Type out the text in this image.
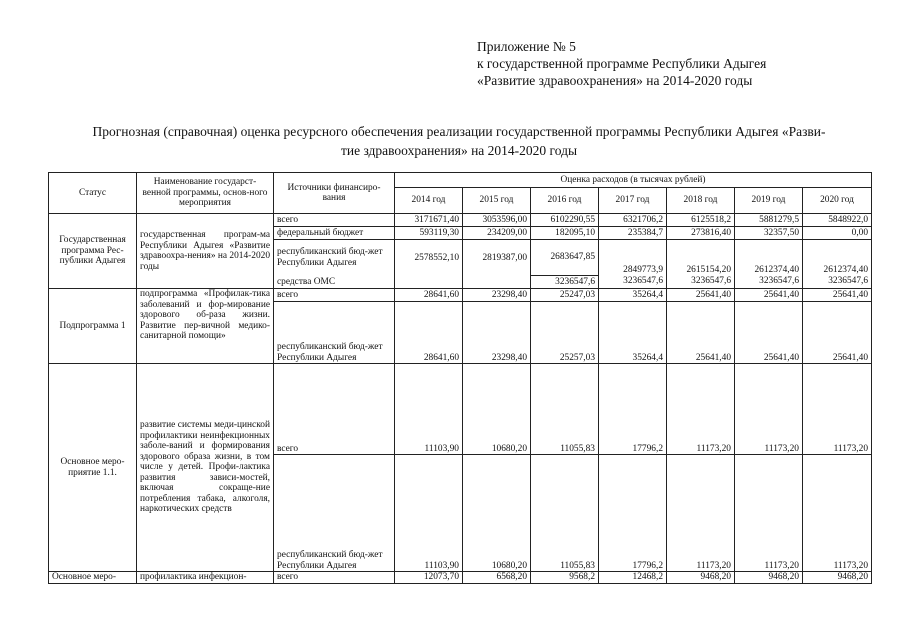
Приложение № 5
к государственной программе Республики Адыгея
«Развитие здравоохранения» на 2014-2020 годы
Прогнозная (справочная) оценка ресурсного обеспечения реализации государственной программы Республики Адыгея «Разви-
тие здравоохранения» на 2014-2020 годы
Статус	Наименование государст-венной программы, основ-ного мероприятия	Источники финансиро-вания	Оценка расходов (в тысячах рублей)						
			2014 год	2015 год	2016 год	2017 год	2018 год	2019 год	2020 год
Государственная программа Рес-публики Адыгея	государственная програм-ма Республики Адыгея «Развитие здравоохра-нения» на 2014-2020 годы	всего	3171671,40	3053596,00	6102290,55	6321706,2	6125518,2	5881279,5	5848922,0
		федеральный бюджет	593119,30	234209,00	182095,10	235384,7	273816,40	32357,50	0,00
		республиканский бюд-жет Республики Адыгея	2578552,10	2819387,00	2683647,85	2849773,9	2615154,20	2612374,40	2612374,40
		средства ОМС			3236547,6	3236547,6	3236547,6	3236547,6	3236547,6
Подпрограмма 1	подпрограмма «Профилак-тика заболеваний и фор-мирование здорового об-раза жизни. Развитие пер-вичной медико-санитарной помощи»	всего	28641,60	23298,40	25247,03	35264,4	25641,40	25641,40	25641,40
		республиканский бюд-жет Республики Адыгея	28641,60	23298,40	25257,03	35264,4	25641,40	25641,40	25641,40
Основное меро-приятие 1.1.	развитие системы меди-цинской профилактики неинфекционных заболе-ваний и формирования здорового образа жизни, в том числе у детей. Профи-лактика развития зависи-мостей, включая сокраще-ние потребления табака, алкоголя, наркотических средств	всего	11103,90	10680,20	11055,83	17796,2	11173,20	11173,20	11173,20
		республиканский бюд-жет Республики Адыгея	11103,90	10680,20	11055,83	17796,2	11173,20	11173,20	11173,20
Основное меро-	профилактика инфекцион-	всего	12073,70	6568,20	9568,2	12468,2	9468,20	9468,20	9468,20
